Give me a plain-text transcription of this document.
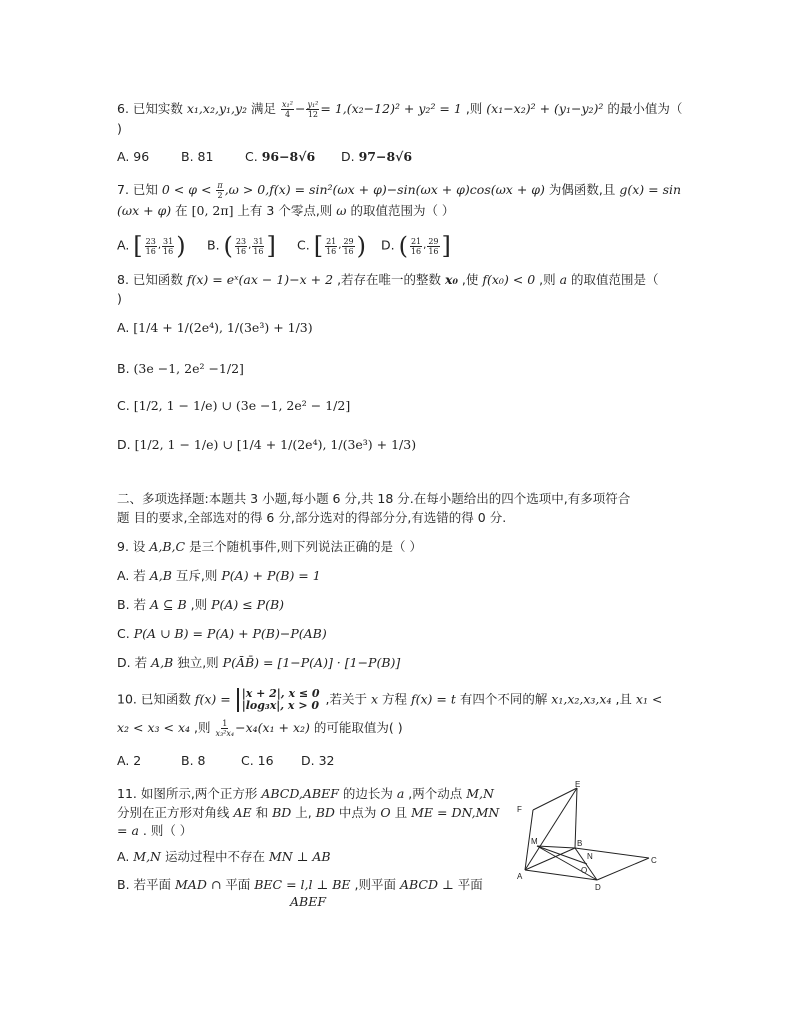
6. 已知实数 x₁,x₂,y₁,y₂ 满足 $\frac{\text{x₁²}}{4} - \frac{\text{y₁²}}{12} = 1,(x_2-12)^2 + y_2^2 = 1$ ,则 (x₁−x₂)² + (y₁−y₂)² 的最小值为（
)
A. 96	B. 81	C. 96−8√6 D. 97−8√6
7. 已知 $0 < \varphi < \frac{\pi}{2} ,\omega > 0,f(x) = \sin^2(\omega x + \varphi)-\sin(\omega x + \varphi)\cos(\omega x + \varphi)$ 为偶函数,且 g(x) = sin
(ωx + φ) 在 [0, 2π] 上有 3 个零点,则 ω 的取值范围为（ ）
A. [ 23
16 , 31
16 ) B. ( 23
16 , 31
16 ] C. [ 21
16 , 29
16 ) D. ( 21
16 , 29
16 ]
8. 已知函数 f(x) = eˣ(ax − 1)−x + 2 ,若存在唯一的整数 x₀ ,使 f(x₀) < 0 ,则 a 的取值范围是（
)
A. [1/4 + 1/(2e⁴), 1/(3e³) + 1/3)
B. (3e −1, 2e² −1/2]
C. [1/2, 1 − 1/e) ∪ (3e −1, 2e² − 1/2]
D. [1/2, 1 − 1/e) ∪ [1/4 + 1/(2e⁴), 1/(3e³) + 1/3)
二、多项选择题:本题共 3 小题,每小题 6 分,共 18 分.在每小题给出的四个选项中,有多项符合
题 目的要求,全部选对的得 6 分,部分选对的得部分分,有选错的得 0 分.
9. 设 A,B,C 是三个随机事件,则下列说法正确的是（ ）
A. 若 A,B 互斥,则 P(A) + P(B) = 1
B. 若 A ⊆ B ,则 P(A) ≤ P(B)
C. P(A ∪ B) = P(A) + P(B)−P(AB)
D. 若 A,B 独立,则 P(ĀB̄) = [1−P(A)] · [1−P(B)]
10. 已知函数 f(x) = |x + 2|, x ≤ 0
|log₃x|, x > 0 ,若关于 x 方程 f(x) = t 有四个不同的解 x₁,x₂,x₃,x₄ ,且 x₁ <
x₂ < x₃ < x₄ ,则 $\frac{1}{\text{x₃²x₄}} -x_4(x_1 + x_2)$ 的可能取值为( )
A. 2	B. 8	C. 16 D. 32
11. 如图所示,两个正方形 ABCD,ABEF 的边长为 a ,两个动点 M,N
分别在正方形对角线 AE 和 BD 上, BD 中点为 O 且 ME = DN,MN
= a . 则（ ）
A. M,N 运动过程中不存在 MN ⊥ AB
B. 若平面 MAD ∩ 平面 BEC = l,l ⊥ BE ,则平面 ABCD ⊥ 平面
ABEF
E
F
M	B
N	C
O
A
D
